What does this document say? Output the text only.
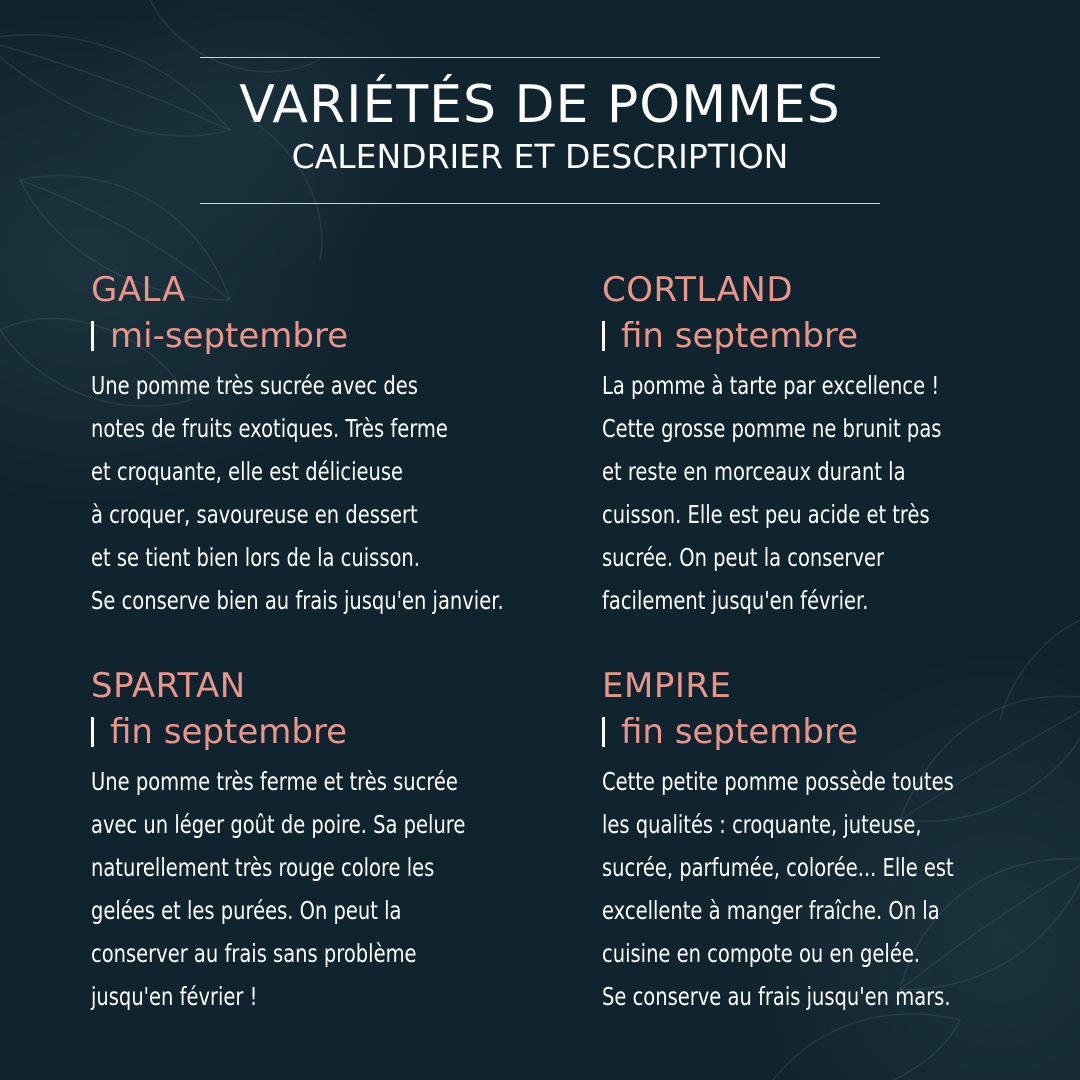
VARIÉTÉS DE POMMES
CALENDRIER ET DESCRIPTION
GALA
mi-septembre
Une pomme très sucrée avec des
notes de fruits exotiques. Très ferme
et croquante, elle est délicieuse
à croquer, savoureuse en dessert
et se tient bien lors de la cuisson.
Se conserve bien au frais jusqu'en janvier.
CORTLAND
fin septembre
La pomme à tarte par excellence !
Cette grosse pomme ne brunit pas
et reste en morceaux durant la
cuisson. Elle est peu acide et très
sucrée. On peut la conserver
facilement jusqu'en février.
SPARTAN
fin septembre
Une pomme très ferme et très sucrée
avec un léger goût de poire. Sa pelure
naturellement très rouge colore les
gelées et les purées. On peut la
conserver au frais sans problème
jusqu'en février !
EMPIRE
fin septembre
Cette petite pomme possède toutes
les qualités : croquante, juteuse,
sucrée, parfumée, colorée... Elle est
excellente à manger fraîche. On la
cuisine en compote ou en gelée.
Se conserve au frais jusqu'en mars.
